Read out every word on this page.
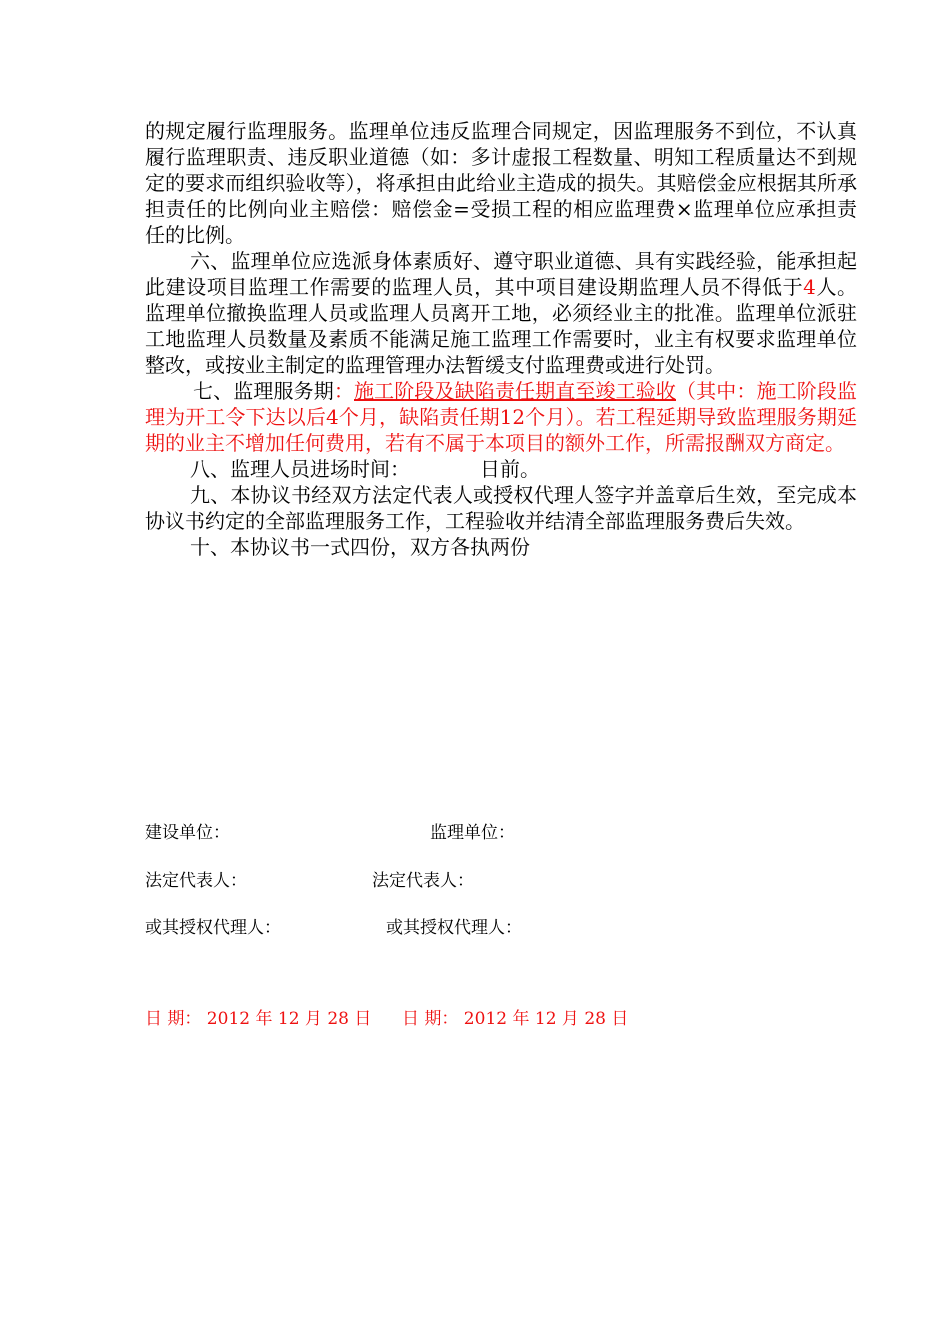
的规定履行监理服务。监理单位违反监理合同规定，因监理服务不到位，不认真履行监理职责、违反职业道德（如：多计虚报工程数量、明知工程质量达不到规定的要求而组织验收等），将承担由此给业主造成的损失。其赔偿金应根据其所承担责任的比例向业主赔偿：赔偿金=受损工程的相应监理费×监理单位应承担责任的比例。

六、监理单位应选派身体素质好、遵守职业道德、具有实践经验，能承担起此建设项目监理工作需要的监理人员，其中项目建设期监理人员不得低于4人。监理单位撤换监理人员或监理人员离开工地，必须经业主的批准。监理单位派驻工地监理人员数量及素质不能满足施工监理工作需要时，业主有权要求监理单位整改，或按业主制定的监理管理办法暂缓支付监理费或进行处罚。

七、监理服务期：施工阶段及缺陷责任期直至竣工验收（其中：施工阶段监理为开工令下达以后4个月，缺陷责任期12个月）。若工程延期导致监理服务期延期的业主不增加任何费用，若有不属于本项目的额外工作，所需报酬双方商定。

八、监理人员进场时间：	日前。

九、本协议书经双方法定代表人或授权代理人签字并盖章后生效，至完成本协议书约定的全部监理服务工作，工程验收并结清全部监理服务费后失效。

十、本协议书一式四份，双方各执两份

建设单位：	监理单位：
法定代表人：	法定代表人：
或其授权代理人：	或其授权代理人：
日 期： 2012 年 12 月 28 日 日 期： 2012 年 12 月 28 日
